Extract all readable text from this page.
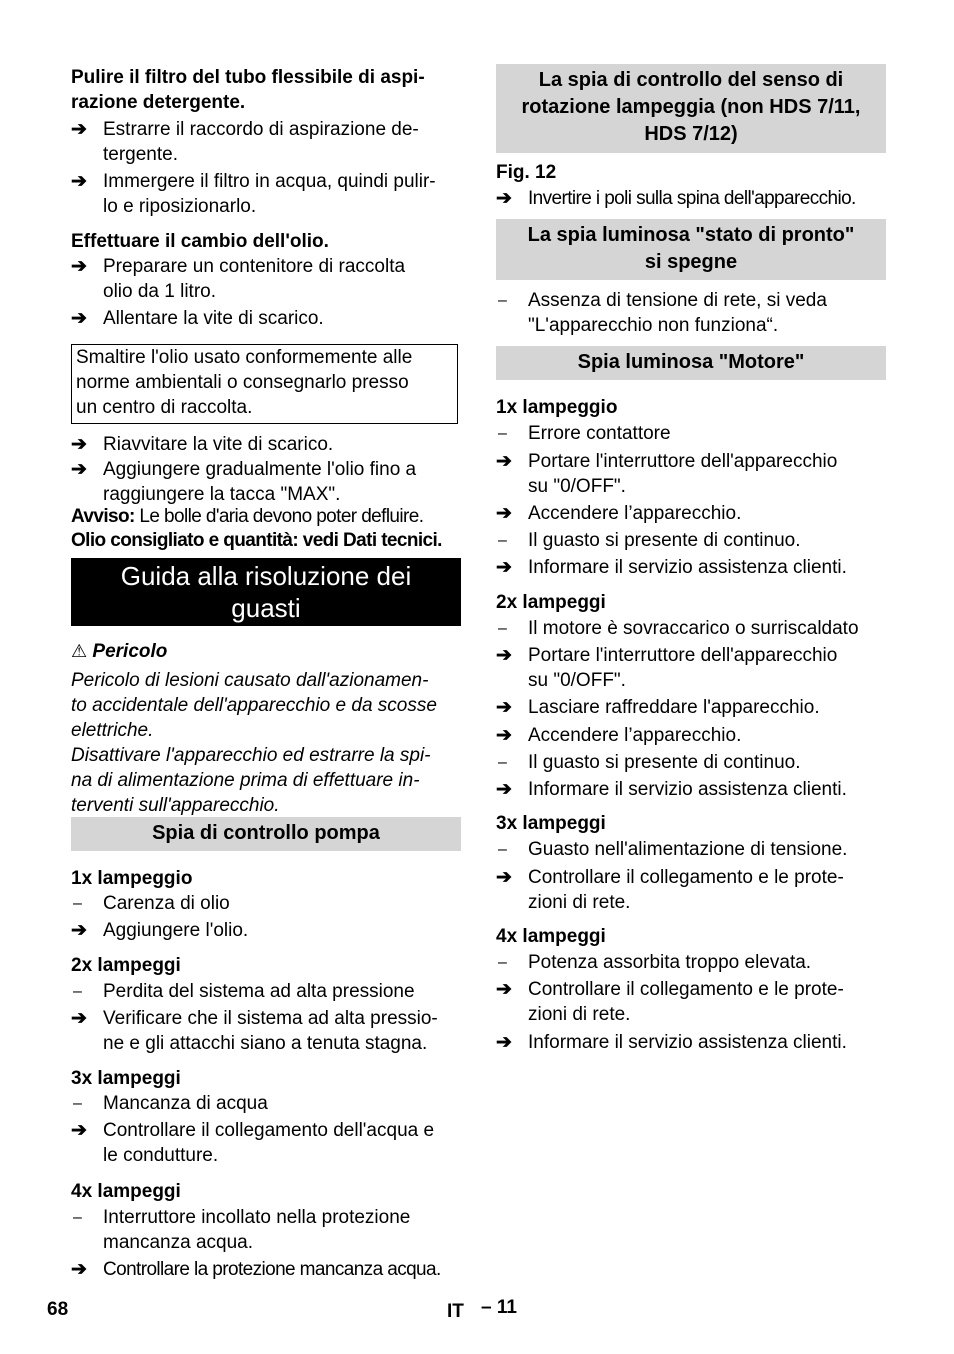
Pulire il filtro del tubo flessibile di aspi-
razione detergente.
➔ Estrarre il raccordo di aspirazione de-
tergente.
➔ Immergere il filtro in acqua, quindi pulir-
lo e riposizionarlo.
Effettuare il cambio dell'olio.
➔ Preparare un contenitore di raccolta
olio da 1 litro.
➔ Allentare la vite di scarico.
Smaltire l'olio usato conformemente alle
norme ambientali o consegnarlo presso
un centro di raccolta.
➔ Riavvitare la vite di scarico.
➔ Aggiungere gradualmente l'olio fino a
raggiungere la tacca "MAX".
Avviso: Le bolle d'aria devono poter defluire.
Olio consigliato e quantità: vedi Dati tecnici.
Guida alla risoluzione dei
guasti
⚠ Pericolo
Pericolo di lesioni causato dall'azionamen-
to accidentale dell'apparecchio e da scosse
elettriche.
Disattivare l'apparecchio ed estrarre la spi-
na di alimentazione prima di effettuare in-
terventi sull'apparecchio.
Spia di controllo pompa
1x lampeggio
– Carenza di olio
➔ Aggiungere l'olio.
2x lampeggi
– Perdita del sistema ad alta pressione
➔ Verificare che il sistema ad alta pressio-
ne e gli attacchi siano a tenuta stagna.
3x lampeggi
– Mancanza di acqua
➔ Controllare il collegamento dell'acqua e
le condutture.
4x lampeggi
– Interruttore incollato nella protezione
mancanza acqua.
➔ Controllare la protezione mancanza acqua.
La spia di controllo del senso di
rotazione lampeggia (non HDS 7/11,
HDS 7/12)
Fig. 12
➔ Invertire i poli sulla spina dell'apparecchio.
La spia luminosa "stato di pronto"
si spegne
– Assenza di tensione di rete, si veda
"L'apparecchio non funziona“.
Spia luminosa "Motore"
1x lampeggio
– Errore contattore
➔ Portare l'interruttore dell'apparecchio
su "0/OFF".
➔ Accendere l’apparecchio.
– Il guasto si presente di continuo.
➔ Informare il servizio assistenza clienti.
2x lampeggi
– Il motore è sovraccarico o surriscaldato
➔ Portare l'interruttore dell'apparecchio
su "0/OFF".
➔ Lasciare raffreddare l'apparecchio.
➔ Accendere l’apparecchio.
– Il guasto si presente di continuo.
➔ Informare il servizio assistenza clienti.
3x lampeggi
– Guasto nell'alimentazione di tensione.
➔ Controllare il collegamento e le prote-
zioni di rete.
4x lampeggi
– Potenza assorbita troppo elevata.
➔ Controllare il collegamento e le prote-
zioni di rete.
➔ Informare il servizio assistenza clienti.
68	IT – 11
